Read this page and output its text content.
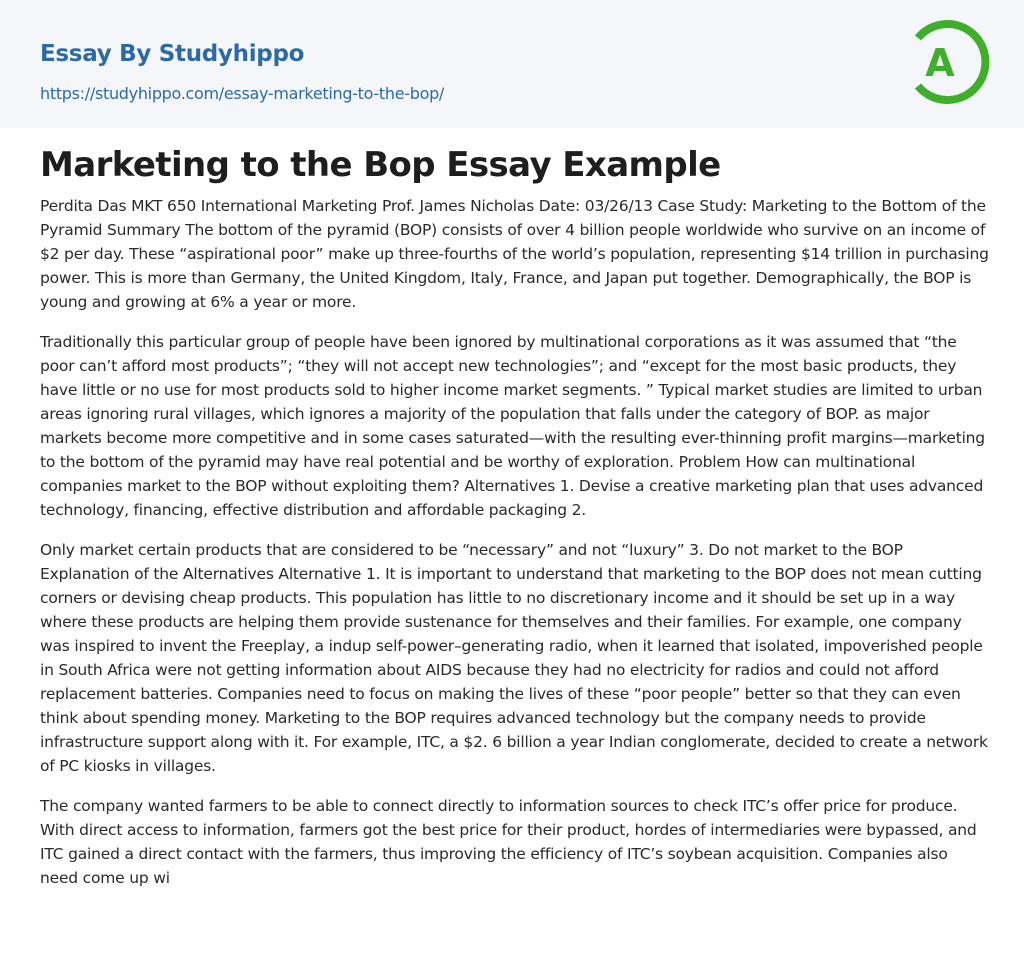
Essay By Studyhippo
https://studyhippo.com/essay-marketing-to-the-bop/
A
Marketing to the Bop Essay Example

Perdita Das MKT 650 International Marketing Prof. James Nicholas Date: 03/26/13 Case Study: Marketing to the Bottom of the Pyramid Summary The bottom of the pyramid (BOP) consists of over 4 billion people worldwide who survive on an income of $2 per day. These “aspirational poor” make up three-fourths of the world’s population, representing $14 trillion in purchasing power. This is more than Germany, the United Kingdom, Italy, France, and Japan put together. Demographically, the BOP is young and growing at 6% a year or more.

Traditionally this particular group of people have been ignored by multinational corporations as it was assumed that “the poor can’t afford most products”; “they will not accept new technologies”; and “except for the most basic products, they have little or no use for most products sold to higher income market segments. ” Typical market studies are limited to urban areas ignoring rural villages, which ignores a majority of the population that falls under the category of BOP. as major markets become more competitive and in some cases saturated—with the resulting ever-thinning profit margins—marketing to the bottom of the pyramid may have real potential and be worthy of exploration. Problem How can multinational companies market to the BOP without exploiting them? Alternatives 1. Devise a creative marketing plan that uses advanced technology, financing, effective distribution and affordable packaging 2.

Only market certain products that are considered to be “necessary” and not “luxury” 3. Do not market to the BOP Explanation of the Alternatives Alternative 1. It is important to understand that marketing to the BOP does not mean cutting corners or devising cheap products. This population has little to no discretionary income and it should be set up in a way where these products are helping them provide sustenance for themselves and their families. For example, one company was inspired to invent the Freeplay, a indup self-power–generating radio, when it learned that isolated, impoverished people in South Africa were not getting information about AIDS because they had no electricity for radios and could not afford replacement batteries. Companies need to focus on making the lives of these “poor people” better so that they can even think about spending money. Marketing to the BOP requires advanced technology but the company needs to provide infrastructure support along with it. For example, ITC, a $2. 6 billion a year Indian conglomerate, decided to create a network of PC kiosks in villages.

The company wanted farmers to be able to connect directly to information sources to check ITC’s offer price for produce. With direct access to information, farmers got the best price for their product, hordes of intermediaries were bypassed, and ITC gained a direct contact with the farmers, thus improving the efficiency of ITC’s soybean acquisition. Companies also need come up wi
